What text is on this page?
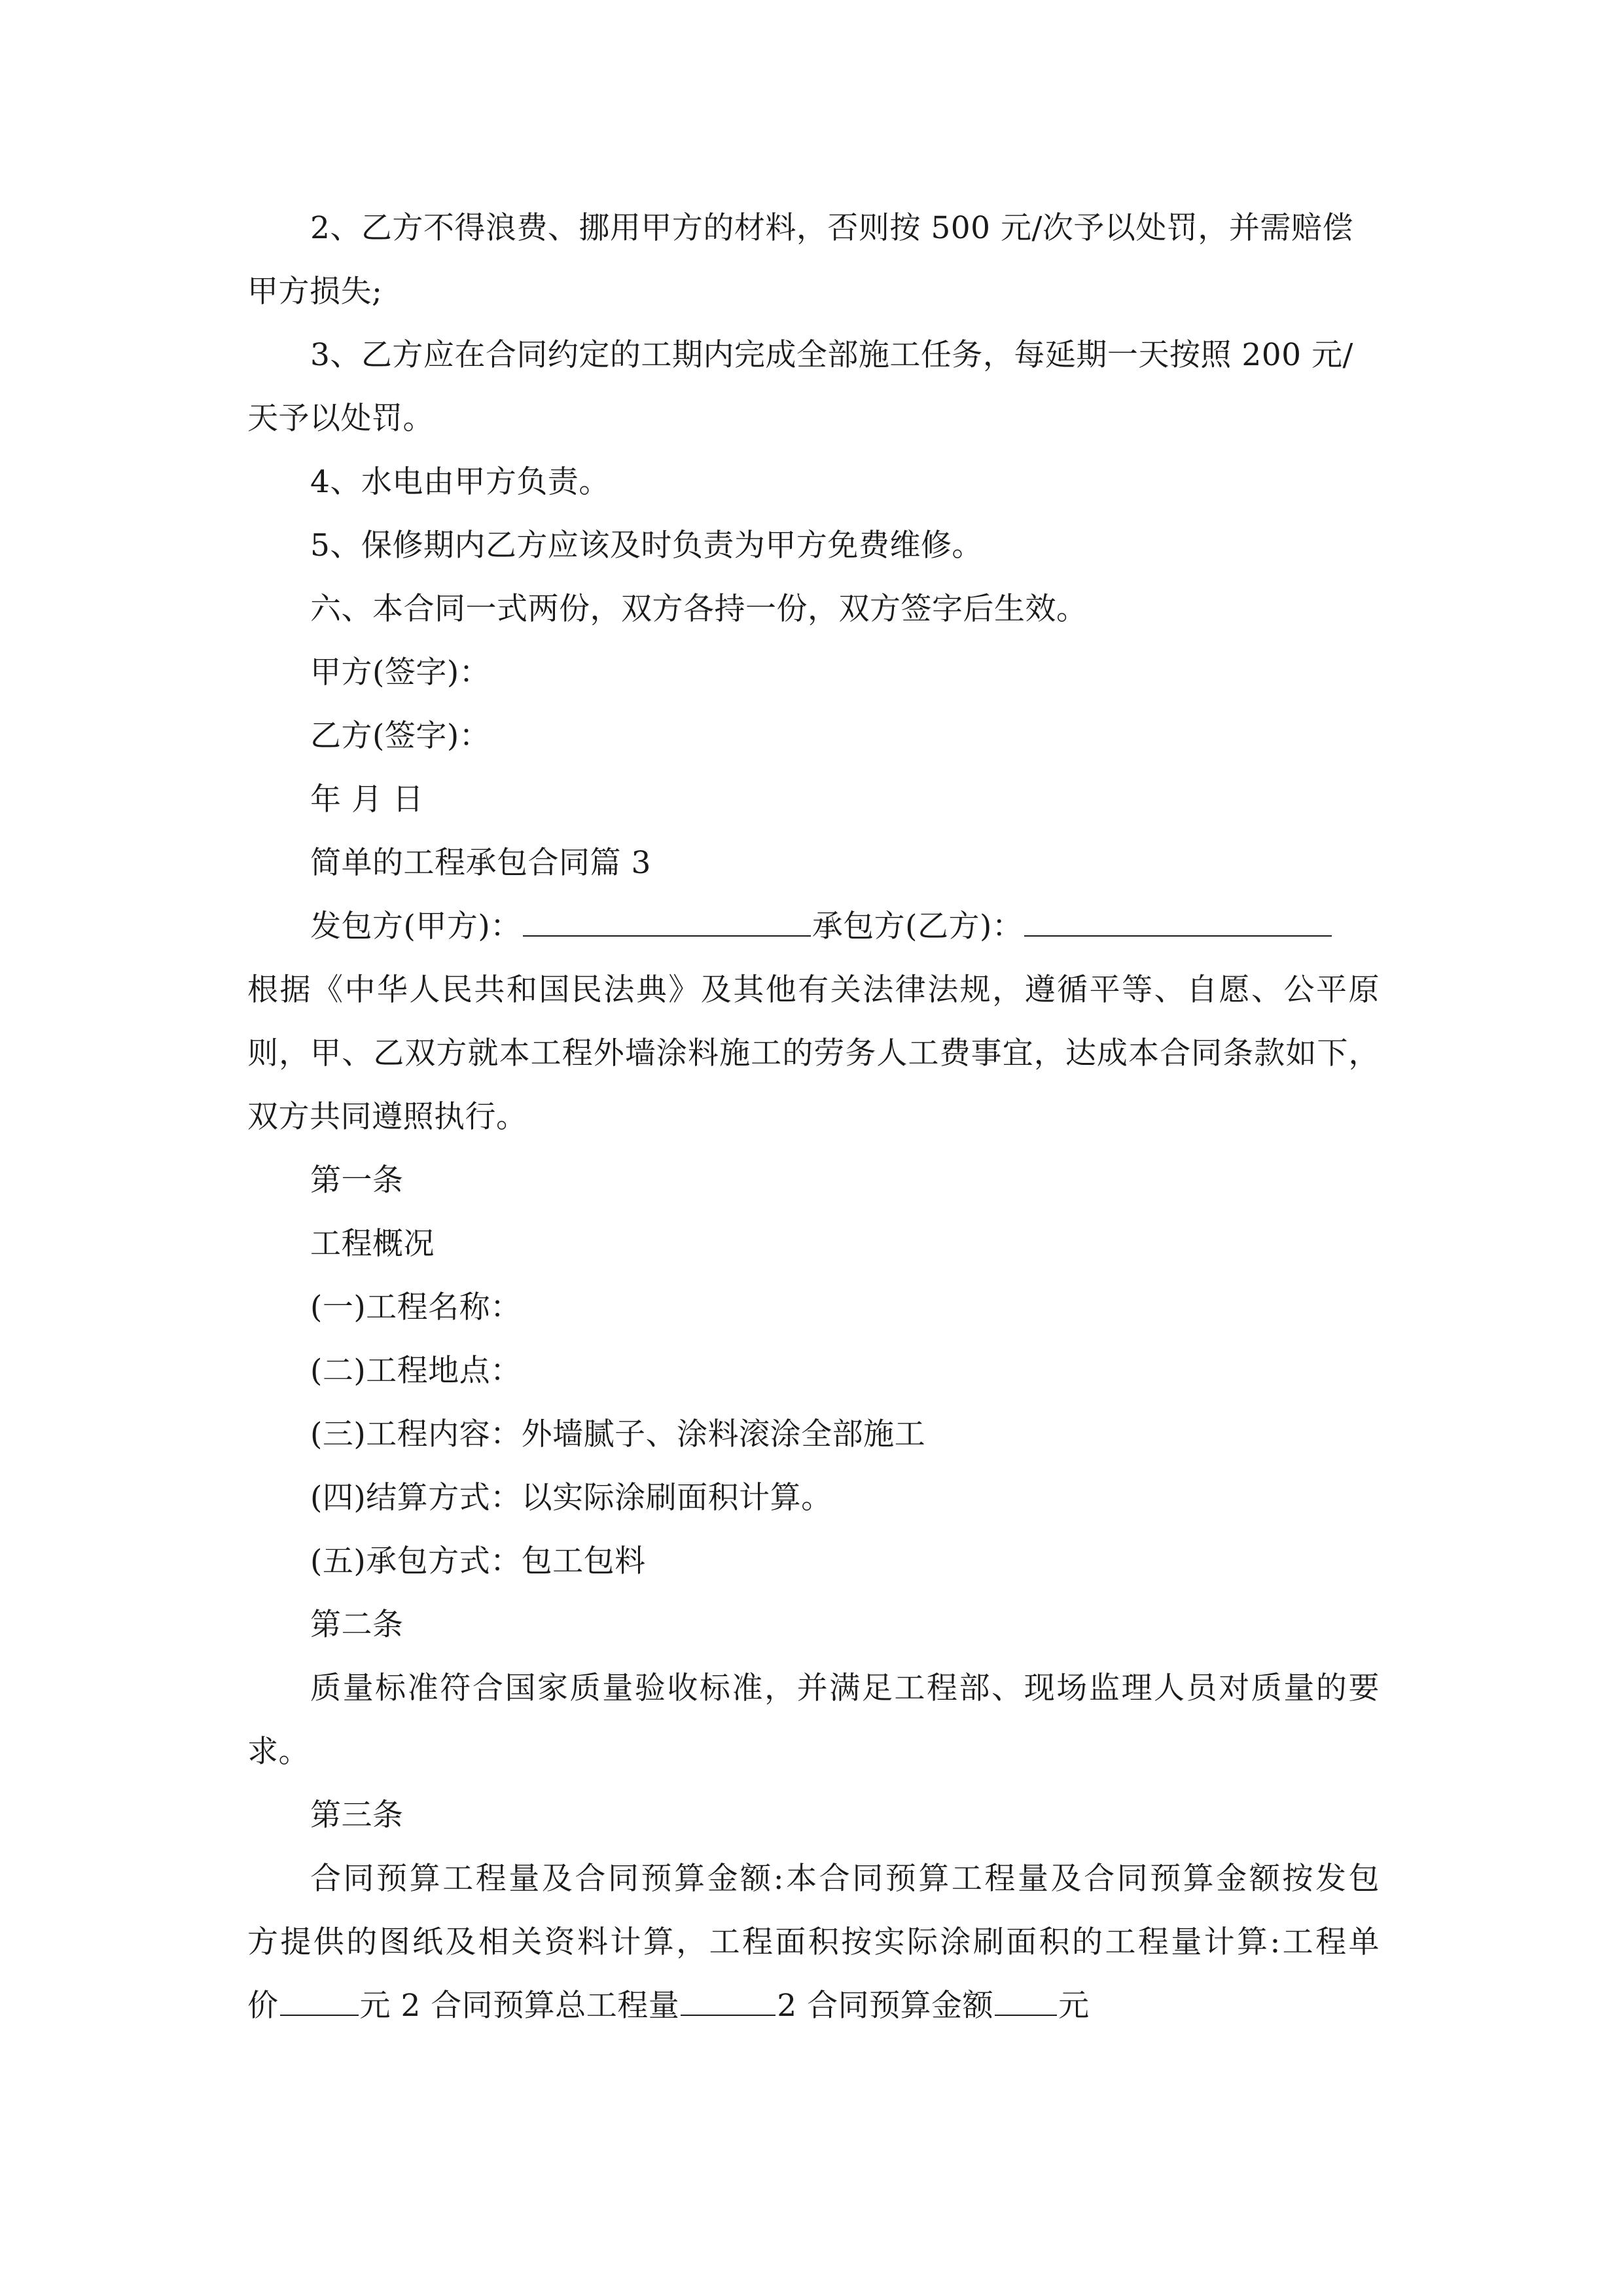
2、乙方不得浪费、挪用甲方的材料，否则按 500 元/次予以处罚，并需赔偿
甲方损失;
3、乙方应在合同约定的工期内完成全部施工任务，每延期一天按照 200 元/
天予以处罚。
4、水电由甲方负责。
5、保修期内乙方应该及时负责为甲方免费维修。
六、本合同一式两份，双方各持一份，双方签字后生效。
甲方(签字)：
乙方(签字)：
年 月 日
简单的工程承包合同篇 3
发包方(甲方)：	承包方(乙方)：
根据《中华人民共和国民法典》及其他有关法律法规，遵循平等、自愿、公平原
则，甲、乙双方就本工程外墙涂料施工的劳务人工费事宜，达成本合同条款如下，
双方共同遵照执行。
第一条
工程概况
(一)工程名称：
(二)工程地点：
(三)工程内容：外墙腻子、涂料滚涂全部施工
(四)结算方式：以实际涂刷面积计算。
(五)承包方式：包工包料
第二条
质量标准符合国家质量验收标准，并满足工程部、现场监理人员对质量的要
求。
第三条
合同预算工程量及合同预算金额:本合同预算工程量及合同预算金额按发包
方提供的图纸及相关资料计算，工程面积按实际涂刷面积的工程量计算:工程单
价	元 2 合同预算总工程量	2 合同预算金额 元
